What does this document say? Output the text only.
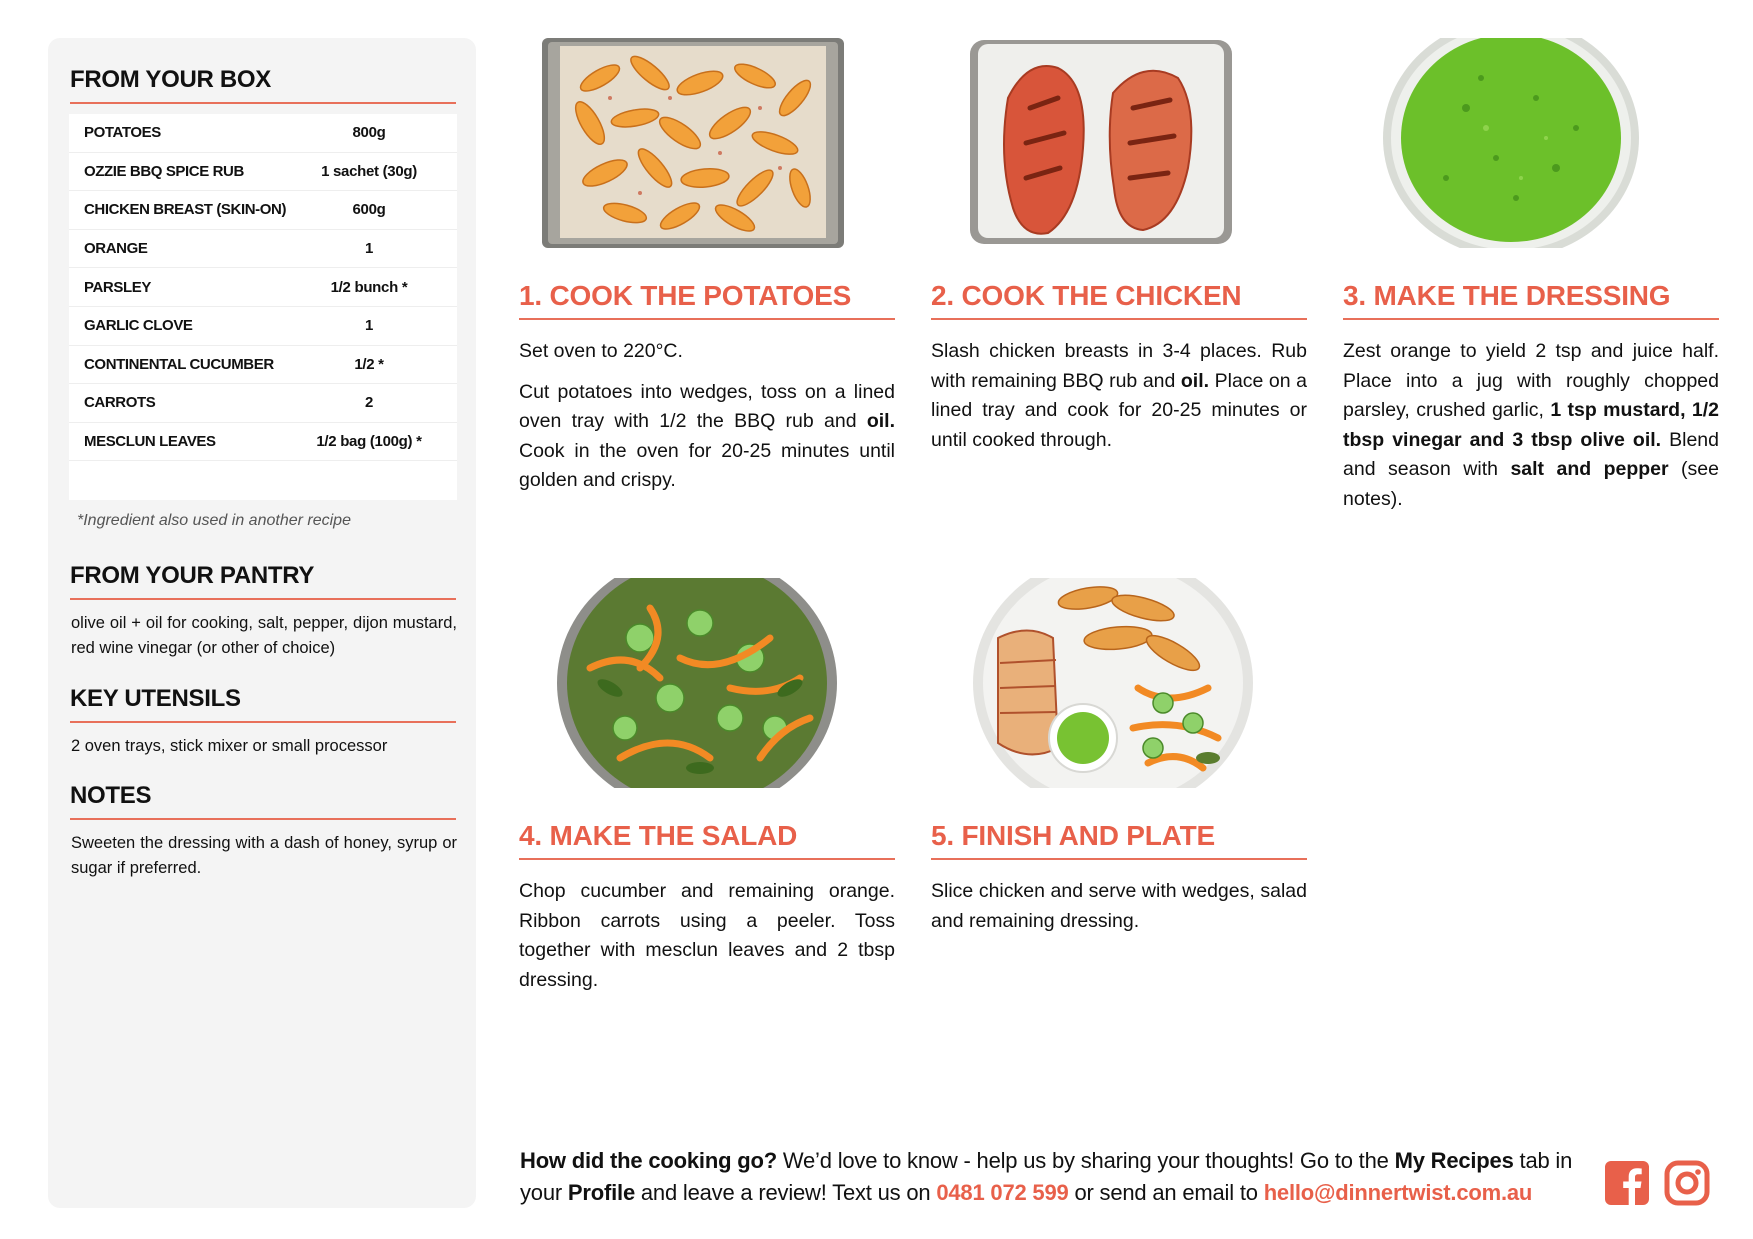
FROM YOUR BOX
POTATOES	800g
OZZIE BBQ SPICE RUB	1 sachet (30g)
CHICKEN BREAST (SKIN-ON)	600g
ORANGE	1
PARSLEY	1/2 bunch *
GARLIC CLOVE	1
CONTINENTAL CUCUMBER	1/2 *
CARROTS	2
MESCLUN LEAVES	1/2 bag (100g) *
*Ingredient also used in another recipe
FROM YOUR PANTRY
olive oil + oil for cooking, salt, pepper, dijon mustard, red wine vinegar (or other of choice)
KEY UTENSILS
2 oven trays, stick mixer or small processor
NOTES
Sweeten the dressing with a dash of honey, syrup or sugar if preferred.
1. COOK THE POTATOES

Set oven to 220°C.

Cut potatoes into wedges, toss on a lined oven tray with 1/2 the BBQ rub and oil. Cook in the oven for 20-25 minutes until golden and crispy.

2. COOK THE CHICKEN

Slash chicken breasts in 3-4 places. Rub with remaining BBQ rub and oil. Place on a lined tray and cook for 20-25 minutes or until cooked through.

3. MAKE THE DRESSING

Zest orange to yield 2 tsp and juice half. Place into a jug with roughly chopped parsley, crushed garlic, 1 tsp mustard, 1/2 tbsp vinegar and 3 tbsp olive oil. Blend and season with salt and pepper (see notes).

4. MAKE THE SALAD

Chop cucumber and remaining orange. Ribbon carrots using a peeler. Toss together with mesclun leaves and 2 tbsp dressing.

5. FINISH AND PLATE

Slice chicken and serve with wedges, salad and remaining dressing.

How did the cooking go? We’d love to know - help us by sharing your thoughts! Go to the My Recipes tab in your Profile and leave a review! Text us on 0481 072 599 or send an email to hello@dinnertwist.com.au
